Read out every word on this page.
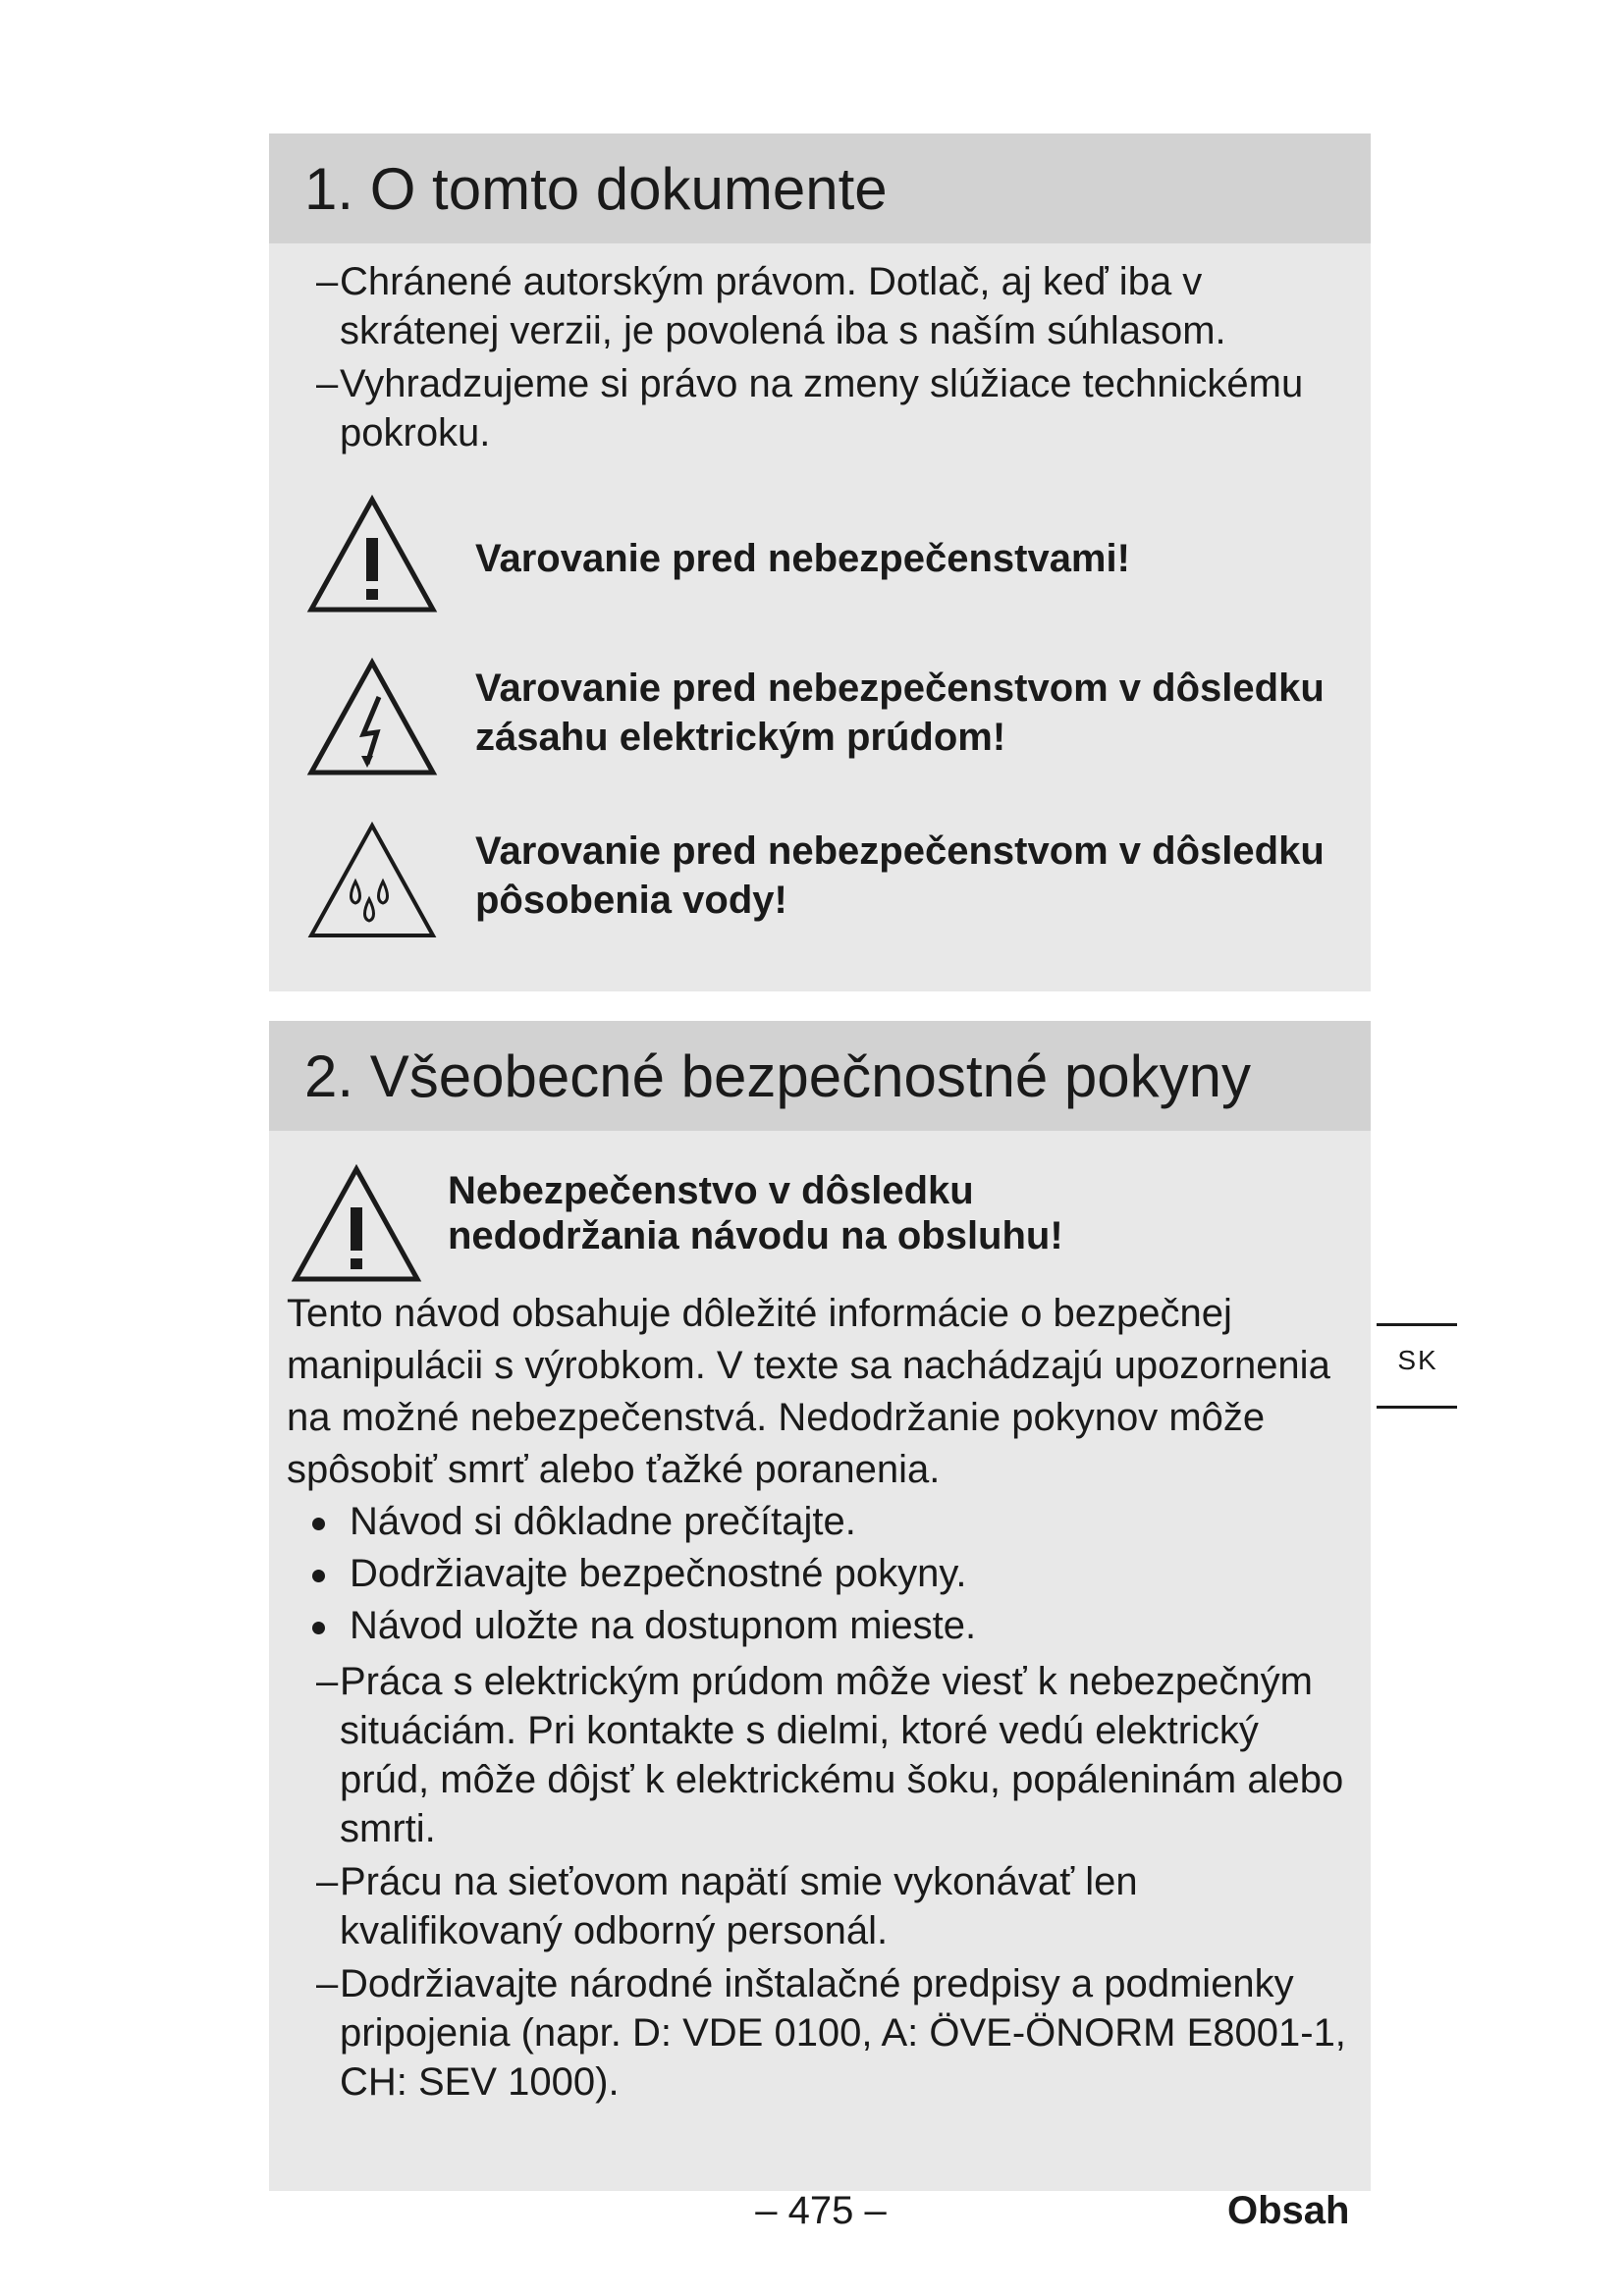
1. O tomto dokumente
– Chránené autorským právom. Dotlač, aj keď iba v skrátenej verzii, je povolená iba s naším súhlasom.
– Vyhradzujeme si právo na zmeny slúžiace technickému pokroku.
Varovanie pred nebezpečenstvami!
Varovanie pred nebezpečenstvom v dôsledku zásahu elektrickým prúdom!
Varovanie pred nebezpečenstvom v dôsledku pôsobenia vody!
2. Všeobecné bezpečnostné pokyny
Nebezpečenstvo v dôsledku nedodržania návodu na obsluhu!
Tento návod obsahuje dôležité informácie o bezpečnej manipulácii s výrobkom. V texte sa nachádzajú upozornenia na možné nebezpečenstvá. Nedodržanie pokynov môže spôsobiť smrť alebo ťažké poranenia.
Návod si dôkladne prečítajte.
Dodržiavajte bezpečnostné pokyny.
Návod uložte na dostupnom mieste.
– Práca s elektrickým prúdom môže viesť k nebezpečným situáciám. Pri kontakte s dielmi, ktoré vedú elektrický prúd, môže dôjsť k elektrickému šoku, popáleninám alebo smrti.
– Prácu na sieťovom napätí smie vykonávať len kvalifikovaný odborný personál.
– Dodržiavajte národné inštalačné predpisy a podmienky pripojenia (napr. D: VDE 0100, A: ÖVE-ÖNORM E8001-1, CH: SEV 1000).
SK
– 475 –	Obsah
